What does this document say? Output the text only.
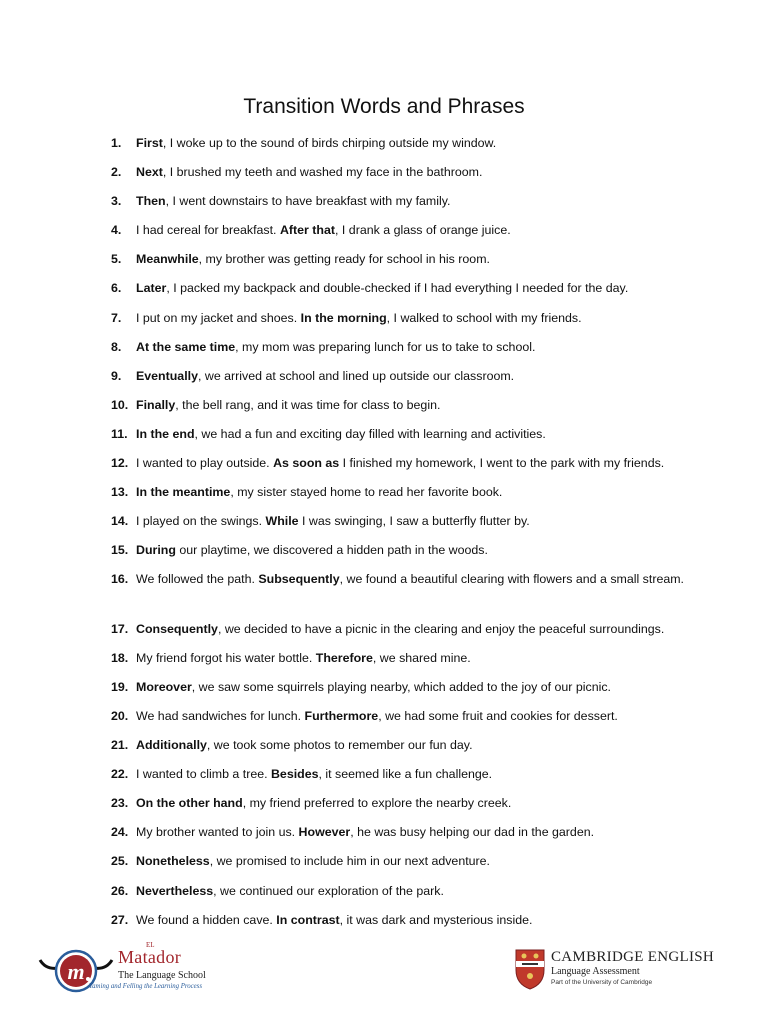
Transition Words and Phrases
1.	First, I woke up to the sound of birds chirping outside my window.
2.	Next, I brushed my teeth and washed my face in the bathroom.
3.	Then, I went downstairs to have breakfast with my family.
4.	I had cereal for breakfast. After that, I drank a glass of orange juice.
5.	Meanwhile, my brother was getting ready for school in his room.
6.	Later, I packed my backpack and double-checked if I had everything I needed for the day.
7.	I put on my jacket and shoes. In the morning, I walked to school with my friends.
8.	At the same time, my mom was preparing lunch for us to take to school.
9.	Eventually, we arrived at school and lined up outside our classroom.
10. Finally, the bell rang, and it was time for class to begin.
11. In the end, we had a fun and exciting day filled with learning and activities.
12. I wanted to play outside. As soon as I finished my homework, I went to the park with my friends.
13. In the meantime, my sister stayed home to read her favorite book.
14. I played on the swings. While I was swinging, I saw a butterfly flutter by.
15. During our playtime, we discovered a hidden path in the woods.
16. We followed the path. Subsequently, we found a beautiful clearing with flowers and a small stream.
17. Consequently, we decided to have a picnic in the clearing and enjoy the peaceful surroundings.
18. My friend forgot his water bottle. Therefore, we shared mine.
19. Moreover, we saw some squirrels playing nearby, which added to the joy of our picnic.
20. We had sandwiches for lunch. Furthermore, we had some fruit and cookies for dessert.
21. Additionally, we took some photos to remember our fun day.
22. I wanted to climb a tree. Besides, it seemed like a fun challenge.
23. On the other hand, my friend preferred to explore the nearby creek.
24. My brother wanted to join us. However, he was busy helping our dad in the garden.
25. Nonetheless, we promised to include him in our next adventure.
26. Nevertheless, we continued our exploration of the park.
27. We found a hidden cave. In contrast, it was dark and mysterious inside.
m
EL
Matador
The Language School
Taming and Felling the Learning Process
CAMBRIDGE ENGLISH
Language Assessment
Part of the University of Cambridge
